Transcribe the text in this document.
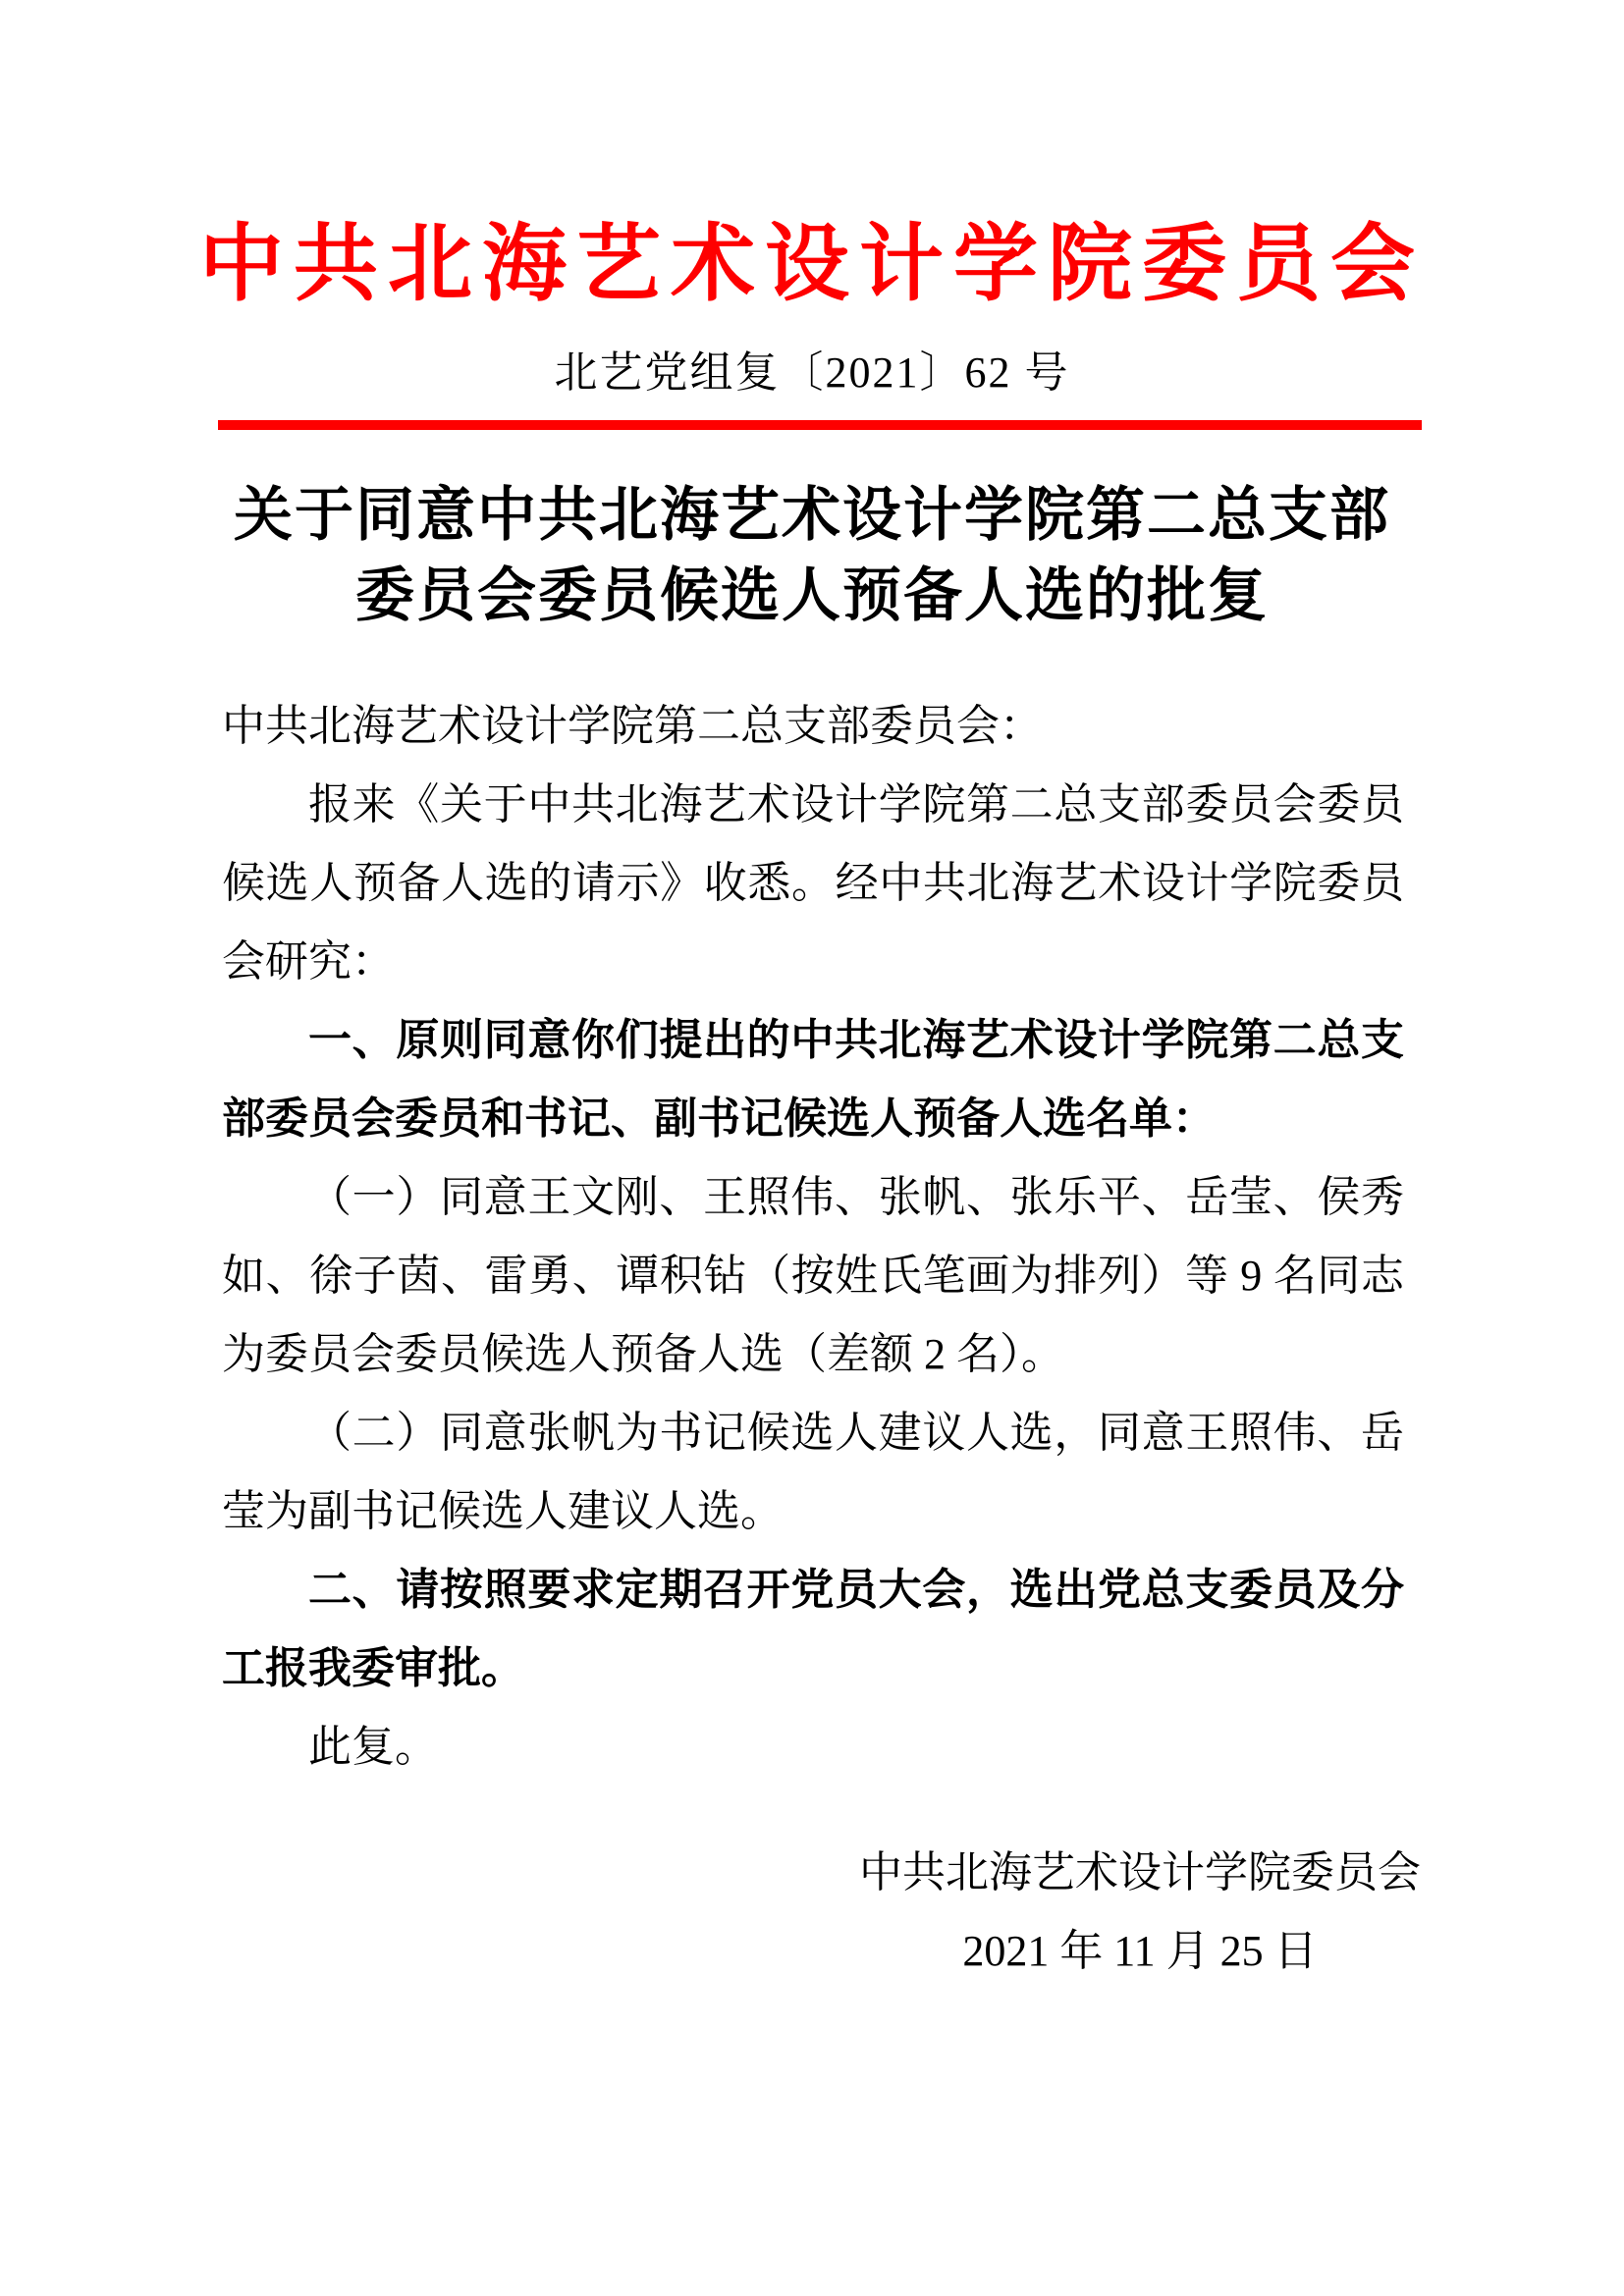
中共北海艺术设计学院委员会
北艺党组复〔2021〕62 号
关于同意中共北海艺术设计学院第二总支部
委员会委员候选人预备人选的批复

中共北海艺术设计学院第二总支部委员会：

报来《关于中共北海艺术设计学院第二总支部委员会委员候选人预备人选的请示》收悉。经中共北海艺术设计学院委员会研究：

一、原则同意你们提出的中共北海艺术设计学院第二总支部委员会委员和书记、副书记候选人预备人选名单：

（一）同意王文刚、王照伟、张帆、张乐平、岳莹、侯秀如、徐子茵、雷勇、谭积钻（按姓氏笔画为排列）等 9 名同志为委员会委员候选人预备人选（差额 2 名）。

（二）同意张帆为书记候选人建议人选，同意王照伟、岳莹为副书记候选人建议人选。

二、请按照要求定期召开党员大会，选出党总支委员及分工报我委审批。

此复。

中共北海艺术设计学院委员会
2021 年 11 月 25 日
